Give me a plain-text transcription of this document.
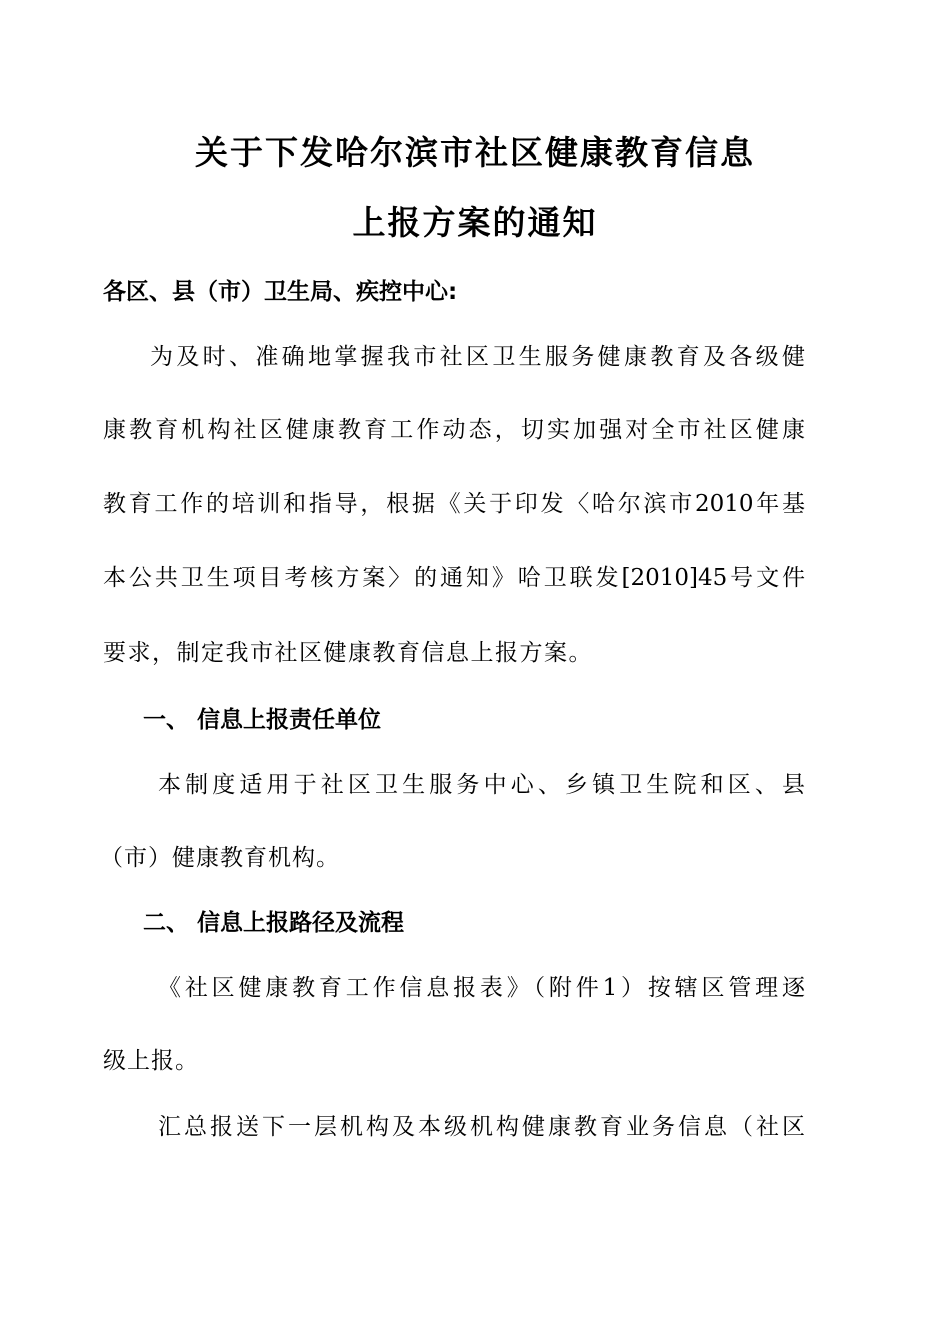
关于下发哈尔滨市社区健康教育信息
上报方案的通知
各区、县（市）卫生局、疾控中心:
为及时、准确地掌握我市社区卫生服务健康教育及各级健
康教育机构社区健康教育工作动态，切实加强对全市社区健康
教育工作的培训和指导，根据《关于印发〈哈尔滨市2010年基
本公共卫生项目考核方案〉的通知》哈卫联发[2010]45号文件
要求，制定我市社区健康教育信息上报方案。
一、 信息上报责任单位
本制度适用于社区卫生服务中心、乡镇卫生院和区、县
（市）健康教育机构。
二、 信息上报路径及流程
《社区健康教育工作信息报表》（附件1）按辖区管理逐
级上报。
汇总报送下一层机构及本级机构健康教育业务信息（社区
